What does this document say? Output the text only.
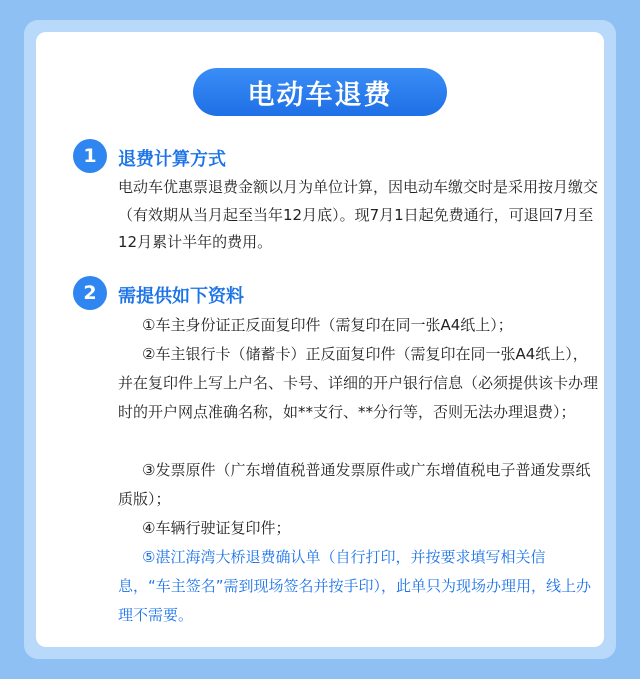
电动车退费
1	退费计算方式
电动车优惠票退费金额以月为单位计算，因电动车缴交时是采用按月缴交（有效期从当月起至当年12月底）。现7月1日起免费通行，可退回7月至12月累计半年的费用。
2	需提供如下资料
①车主身份证正反面复印件（需复印在同一张A4纸上）；
②车主银行卡（储蓄卡）正反面复印件（需复印在同一张A4纸上），并在复印件上写上户名、卡号、详细的开户银行信息（必须提供该卡办理时的开户网点准确名称，如**支行、**分行等，否则无法办理退费）；
③发票原件（广东增值税普通发票原件或广东增值税电子普通发票纸质版）；
④车辆行驶证复印件；
⑤湛江海湾大桥退费确认单（自行打印，并按要求填写相关信息，“车主签名”需到现场签名并按手印），此单只为现场办理用，线上办理不需要。
